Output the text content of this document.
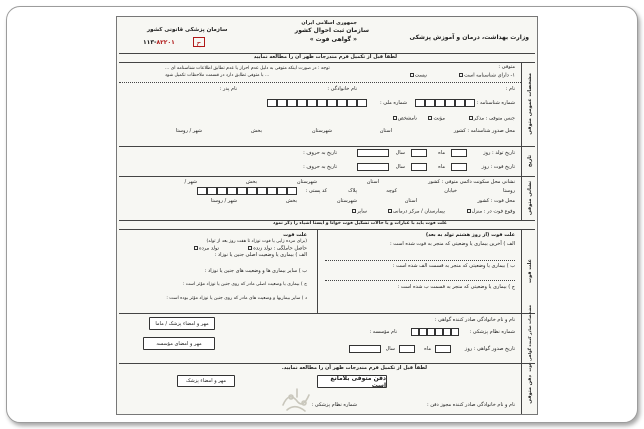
وزارت بهداشت، درمان و آموزش پزشکی
جمهوری اسلامی ایران
سازمان ثبت احوال کشور
« گواهی فوت »
سازمان پزشکی قانونی کشور
۱۱۳-۸۲۲۰۱	ح
لطفاً قبل از تکمیل فرم مندرجات ظهر آن را مطالعه نمایید
مشخصات عمومی متوفی
متوفی :
۱- دارای شناسنامه است
نیست
توجه : در صورت اینکه متوفی به دلیل عدم احراز یا عدم تطابق اطلاعات شناسنامه ای ...
... با متوفی تطابق دارد در قسمت ملاحظات تکمیل شود
نام :
نام خانوادگی :
نام پدر :
شماره شناسنامه :
شماره ملی :
جنس متوفی : مذکر
مؤنث
نامشخص
محل صدور شناسنامه : کشور
استان
شهرستان
بخش
شهر / روستا
تاریخ
تاریخ تولد : روز
ماه
سال
تاریخ به حروف :
تاریخ فوت : روز
ماه
سال
تاریخ به حروف :
نشانی متوفی
نشانی محل سکونت دائمی متوفی : کشور
استان
شهرستان
بخش
شهر /
روستا
خیابان
کوچه
پلاک
کد پستی :
محل فوت : کشور
استان
شهرستان
بخش
شهر / روستا
وقوع فوت در : منزل
بیمارستان / مرکز درمانی
سایر
علت فوت باید با عبارات و یا حالات تشکیل فوت خوانا و ایستا اشیاء را ذکر نمود
علت فوت
علت فوت (از روز هشتم تولد به بعد)
الف ) آخرین بیماری یا وضعیتی که منجر به فوت شده است :
ب ) بیماری یا وضعیتی که منجر به قسمت الف شده است :
ج ) بیماری یا وضعیتی که منجر به قسمت ب شده است :
علت فوت
(برای مرده زایی یا فوت نوزاد تا هفت روز بعد از تولد)
حاصل حاملگی : تولد زنده
تولد مرده
الف ) بیماری یا وضعیت اصلی جنین یا نوزاد :
ب ) سایر بیماری ها و وضعیت های جنین یا نوزاد :
ج ) بیماری یا وضعیت اصلی مادر که روی جنین یا نوزاد مؤثر است :
د ) سایر بیماریها و وضعیت های مادر که روی جنین یا نوزاد مؤثر بوده است :
مشخصات صادر کننده گواهی فوت
نام و نام خانوادگی صادر کننده گواهی :
شماره نظام پزشکی :
نام مؤسسه :
تاریخ صدور گواهی : روز
ماه
سال
مهر و امضاء پزشک / ماما
مهر و امضای مؤسسه
دفن متوفی
لطفاً قبل از تکمیل فرم مندرجات ظهر آن را مطالعه نمایید.
دفن متوفی بلامانع است
مهر و امضاء پزشک
نام و نام خانوادگی صادر کننده مجوز دفن :
شماره نظام پزشکی :
